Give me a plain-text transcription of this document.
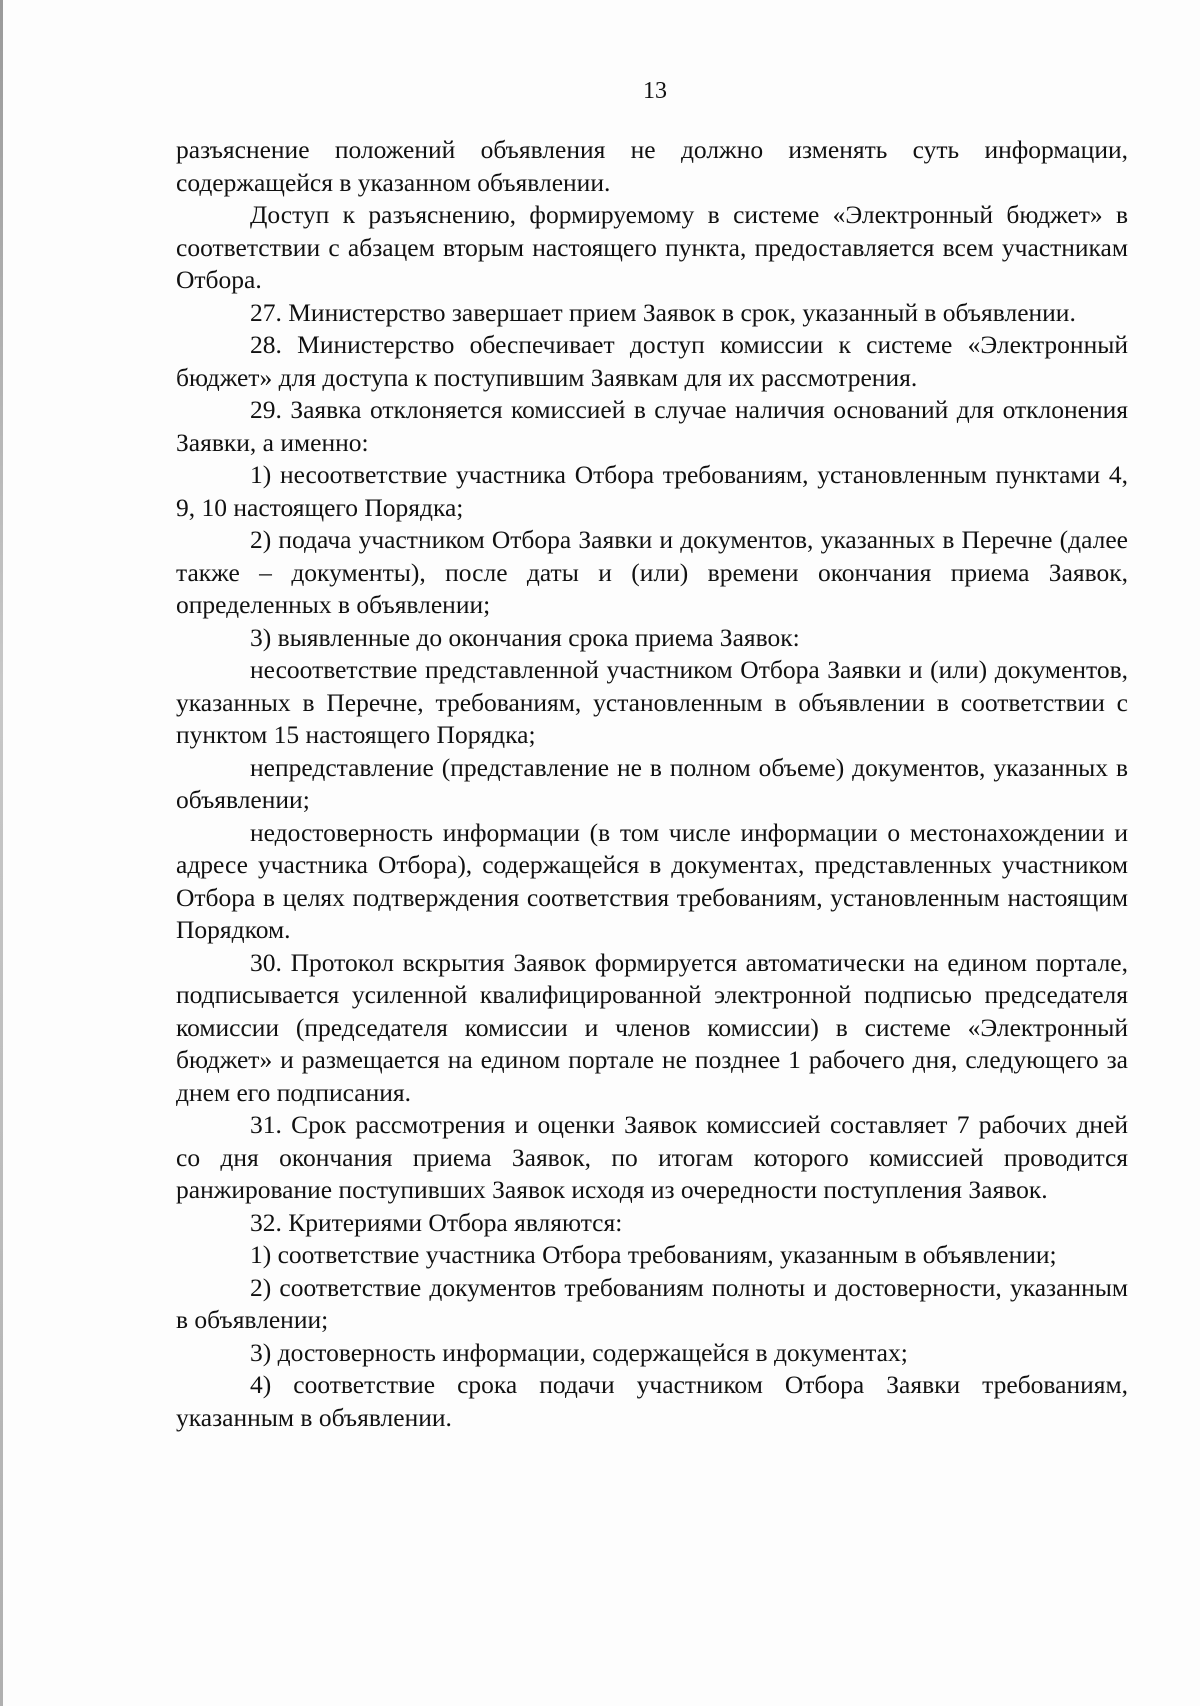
13

разъяснение положений объявления не должно изменять суть информации, содержащейся в указанном объявлении.

Доступ к разъяснению, формируемому в системе «Электронный бюджет» в соответствии с абзацем вторым настоящего пункта, предоставляется всем участникам Отбора.

27. Министерство завершает прием Заявок в срок, указанный в объявлении.

28. Министерство обеспечивает доступ комиссии к системе «Электронный бюджет» для доступа к поступившим Заявкам для их рассмотрения.

29. Заявка отклоняется комиссией в случае наличия оснований для отклонения Заявки, а именно:

1) несоответствие участника Отбора требованиям, установленным пунктами 4, 9, 10 настоящего Порядка;

2) подача участником Отбора Заявки и документов, указанных в Перечне (далее также – документы), после даты и (или) времени окончания приема Заявок, определенных в объявлении;

3) выявленные до окончания срока приема Заявок:

несоответствие представленной участником Отбора Заявки и (или) документов, указанных в Перечне, требованиям, установленным в объявлении в соответствии с пунктом 15 настоящего Порядка;

непредставление (представление не в полном объеме) документов, указанных в объявлении;

недостоверность информации (в том числе информации о местонахождении и адресе участника Отбора), содержащейся в документах, представленных участником Отбора в целях подтверждения соответствия требованиям, установленным настоящим Порядком.

30. Протокол вскрытия Заявок формируется автоматически на едином портале, подписывается усиленной квалифицированной электронной подписью председателя комиссии (председателя комиссии и членов комиссии) в системе «Электронный бюджет» и размещается на едином портале не позднее 1 рабочего дня, следующего за днем его подписания.

31. Срок рассмотрения и оценки Заявок комиссией составляет 7 рабочих дней со дня окончания приема Заявок, по итогам которого комиссией проводится ранжирование поступивших Заявок исходя из очередности поступления Заявок.

32. Критериями Отбора являются:

1) соответствие участника Отбора требованиям, указанным в объявлении;

2) соответствие документов требованиям полноты и достоверности, указанным в объявлении;

3) достоверность информации, содержащейся в документах;

4) соответствие срока подачи участником Отбора Заявки требованиям, указанным в объявлении.
